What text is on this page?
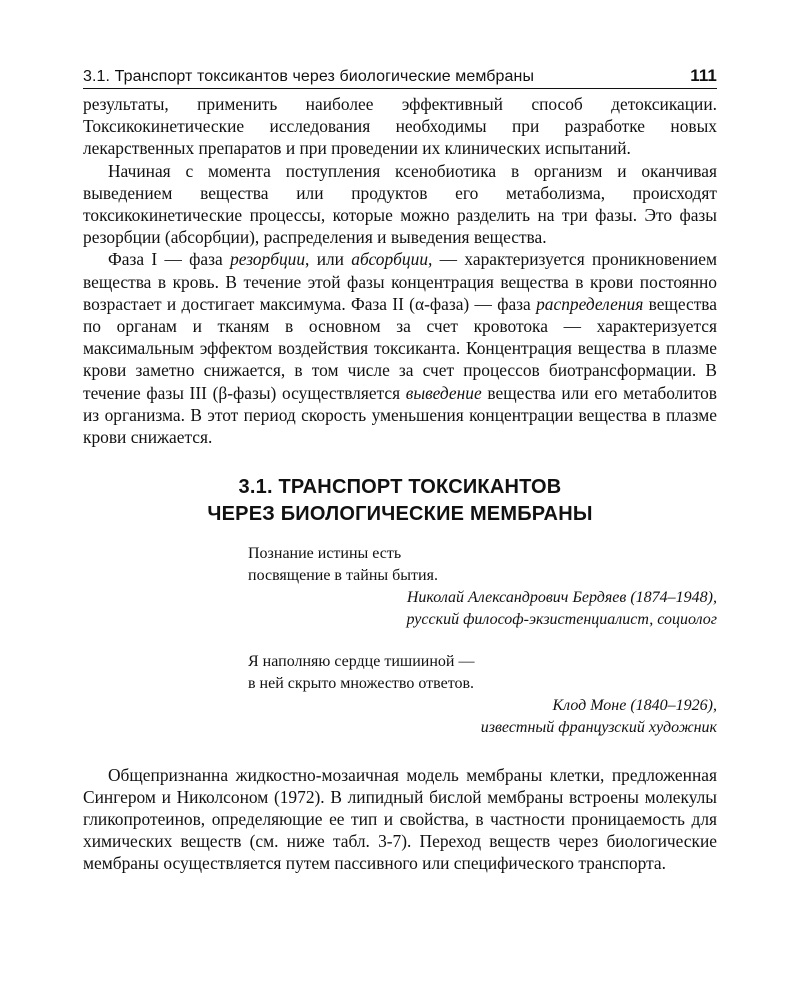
3.1. Транспорт токсикантов через биологические мембраны	111

результаты, применить наиболее эффективный способ детоксикации. Токсикокинетические исследования необходимы при разработке новых лекарственных препаратов и при проведении их клинических испытаний.

Начиная с момента поступления ксенобиотика в организм и оканчивая выведением вещества или продуктов его метаболизма, происходят токсикокинетические процессы, которые можно разделить на три фазы. Это фазы резорбции (абсорбции), распределения и выведения вещества.

Фаза I — фаза резорбции, или абсорбции, — характеризуется проникновением вещества в кровь. В течение этой фазы концентрация вещества в крови постоянно возрастает и достигает максимума. Фаза II (α-фаза) — фаза распределения вещества по органам и тканям в основном за счет кровотока — характеризуется максимальным эффектом воздействия токсиканта. Концентрация вещества в плазме крови заметно снижается, в том числе за счет процессов биотрансформации. В течение фазы III (β-фазы) осуществляется выведение вещества или его метаболитов из организма. В этот период скорость уменьшения концентрации вещества в плазме крови снижается.

3.1. ТРАНСПОРТ ТОКСИКАНТОВ
ЧЕРЕЗ БИОЛОГИЧЕСКИЕ МЕМБРАНЫ
Познание истины есть
посвящение в тайны бытия.
Николай Александрович Бердяев (1874–1948),
русский философ-экзистенциалист, социолог
Я наполняю сердце тишииной —
в ней скрыто множество ответов.
Клод Моне (1840–1926),
известный французский художник

Общепризнанна жидкостно-мозаичная модель мембраны клетки, предложенная Сингером и Николсоном (1972). В липидный бислой мембраны встроены молекулы гликопротеинов, определяющие ее тип и свойства, в частности проницаемость для химических веществ (см. ниже табл. 3-7). Переход веществ через биологические мембраны осуществляется путем пассивного или специфического транспорта.
